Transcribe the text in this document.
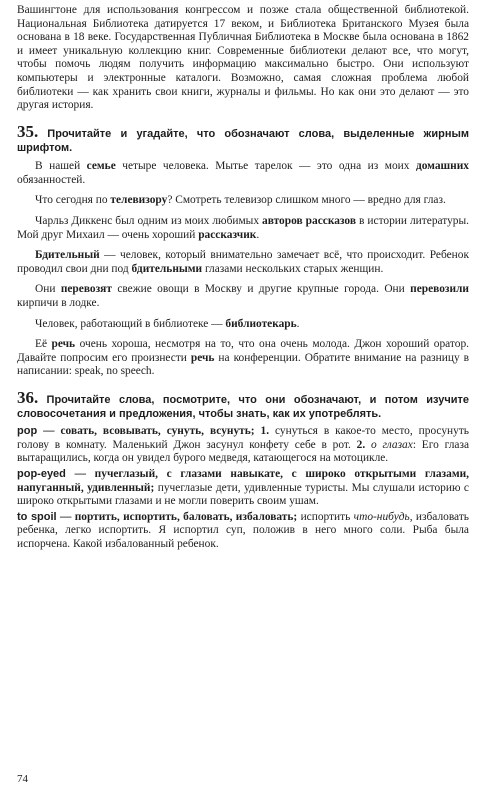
Вашингтоне для использования конгрессом и позже стала общественной библиотекой. Национальная Библиотека датируется 17 веком, и Библиотека Британского Музея была основана в 18 веке. Государственная Публичная Библиотека в Москве была основана в 1862 и имеет уникальную коллекцию книг. Современные библиотеки делают все, что могут, чтобы помочь людям получить информацию максимально быстро. Они используют компьютеры и электронные каталоги. Возможно, самая сложная проблема любой библиотеки — как хранить свои книги, журналы и фильмы. Но как они это делают — это другая история.

35. Прочитайте и угадайте, что обозначают слова, выделенные жирным шрифтом.

В нашей семье четыре человека. Мытье тарелок — это одна из моих домашних обязанностей.

Что сегодня по телевизору? Смотреть телевизор слишком много — вредно для глаз.

Чарльз Диккенс был одним из моих любимых авторов рассказов в истории литературы. Мой друг Михаил — очень хороший рассказчик.

Бдительный — человек, который внимательно замечает всё, что происходит. Ребенок проводил свои дни под бдительными глазами нескольких старых женщин.

Они перевозят свежие овощи в Москву и другие крупные города. Они перевозили кирпичи в лодке.

Человек, работающий в библиотеке — библиотекарь.

Её речь очень хороша, несмотря на то, что она очень молода. Джон хороший оратор. Давайте попросим его произнести речь на конференции. Обратите внимание на разницу в написании: speak, no speech.

36. Прочитайте слова, посмотрите, что они обозначают, и потом изучите словосочетания и предложения, чтобы знать, как их употреблять.

pop — совать, всовывать, сунуть, всунуть; 1. сунуться в какое-то место, просунуть голову в комнату. Маленький Джон засунул конфету себе в рот. 2. о глазах: Его глаза вытаращились, когда он увидел бурого медведя, катающегося на мотоцикле.

pop-eyed — пучеглазый, с глазами навыкате, с широко открытыми глазами, напуганный, удивленный; пучеглазые дети, удивленные туристы. Мы слушали историю с широко открытыми глазами и не могли поверить своим ушам.

to spoil — портить, испортить, баловать, избаловать; испортить что-нибудь, избаловать ребенка, легко испортить. Я испортил суп, положив в него много соли. Рыба была испорчена. Какой избалованный ребенок.

74
